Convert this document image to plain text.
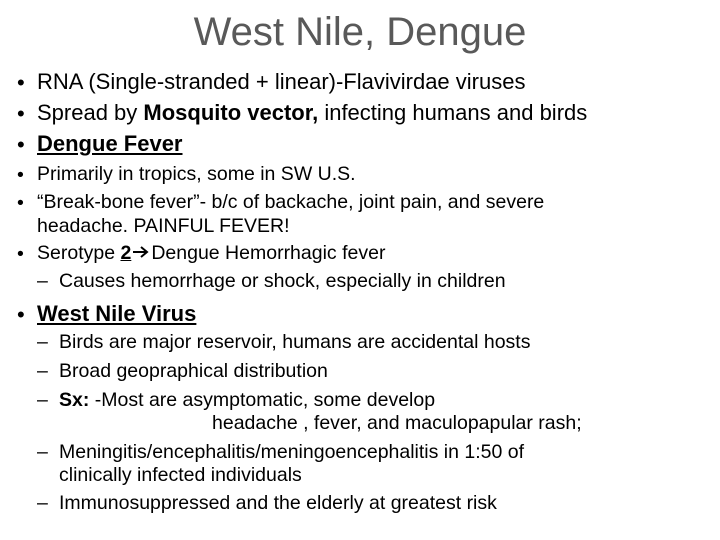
West Nile, Dengue
• RNA (Single-stranded + linear)-Flavivirdae viruses
• Spread by Mosquito vector, infecting humans and birds
• Dengue Fever
• Primarily in tropics, some in SW U.S.
• “Break-bone fever”- b/c of backache, joint pain, and severe
headache. PAINFUL FEVER!
• Serotype 2 Dengue Hemorrhagic fever
– Causes hemorrhage or shock, especially in children
• West Nile Virus
– Birds are major reservoir, humans are accidental hosts
– Broad geopraphical distribution
– Sx: -Most are asymptomatic, some develop
headache , fever, and maculopapular rash;
– Meningitis/encephalitis/meningoencephalitis in 1:50 of
clinically infected individuals
– Immunosuppressed and the elderly at greatest risk
